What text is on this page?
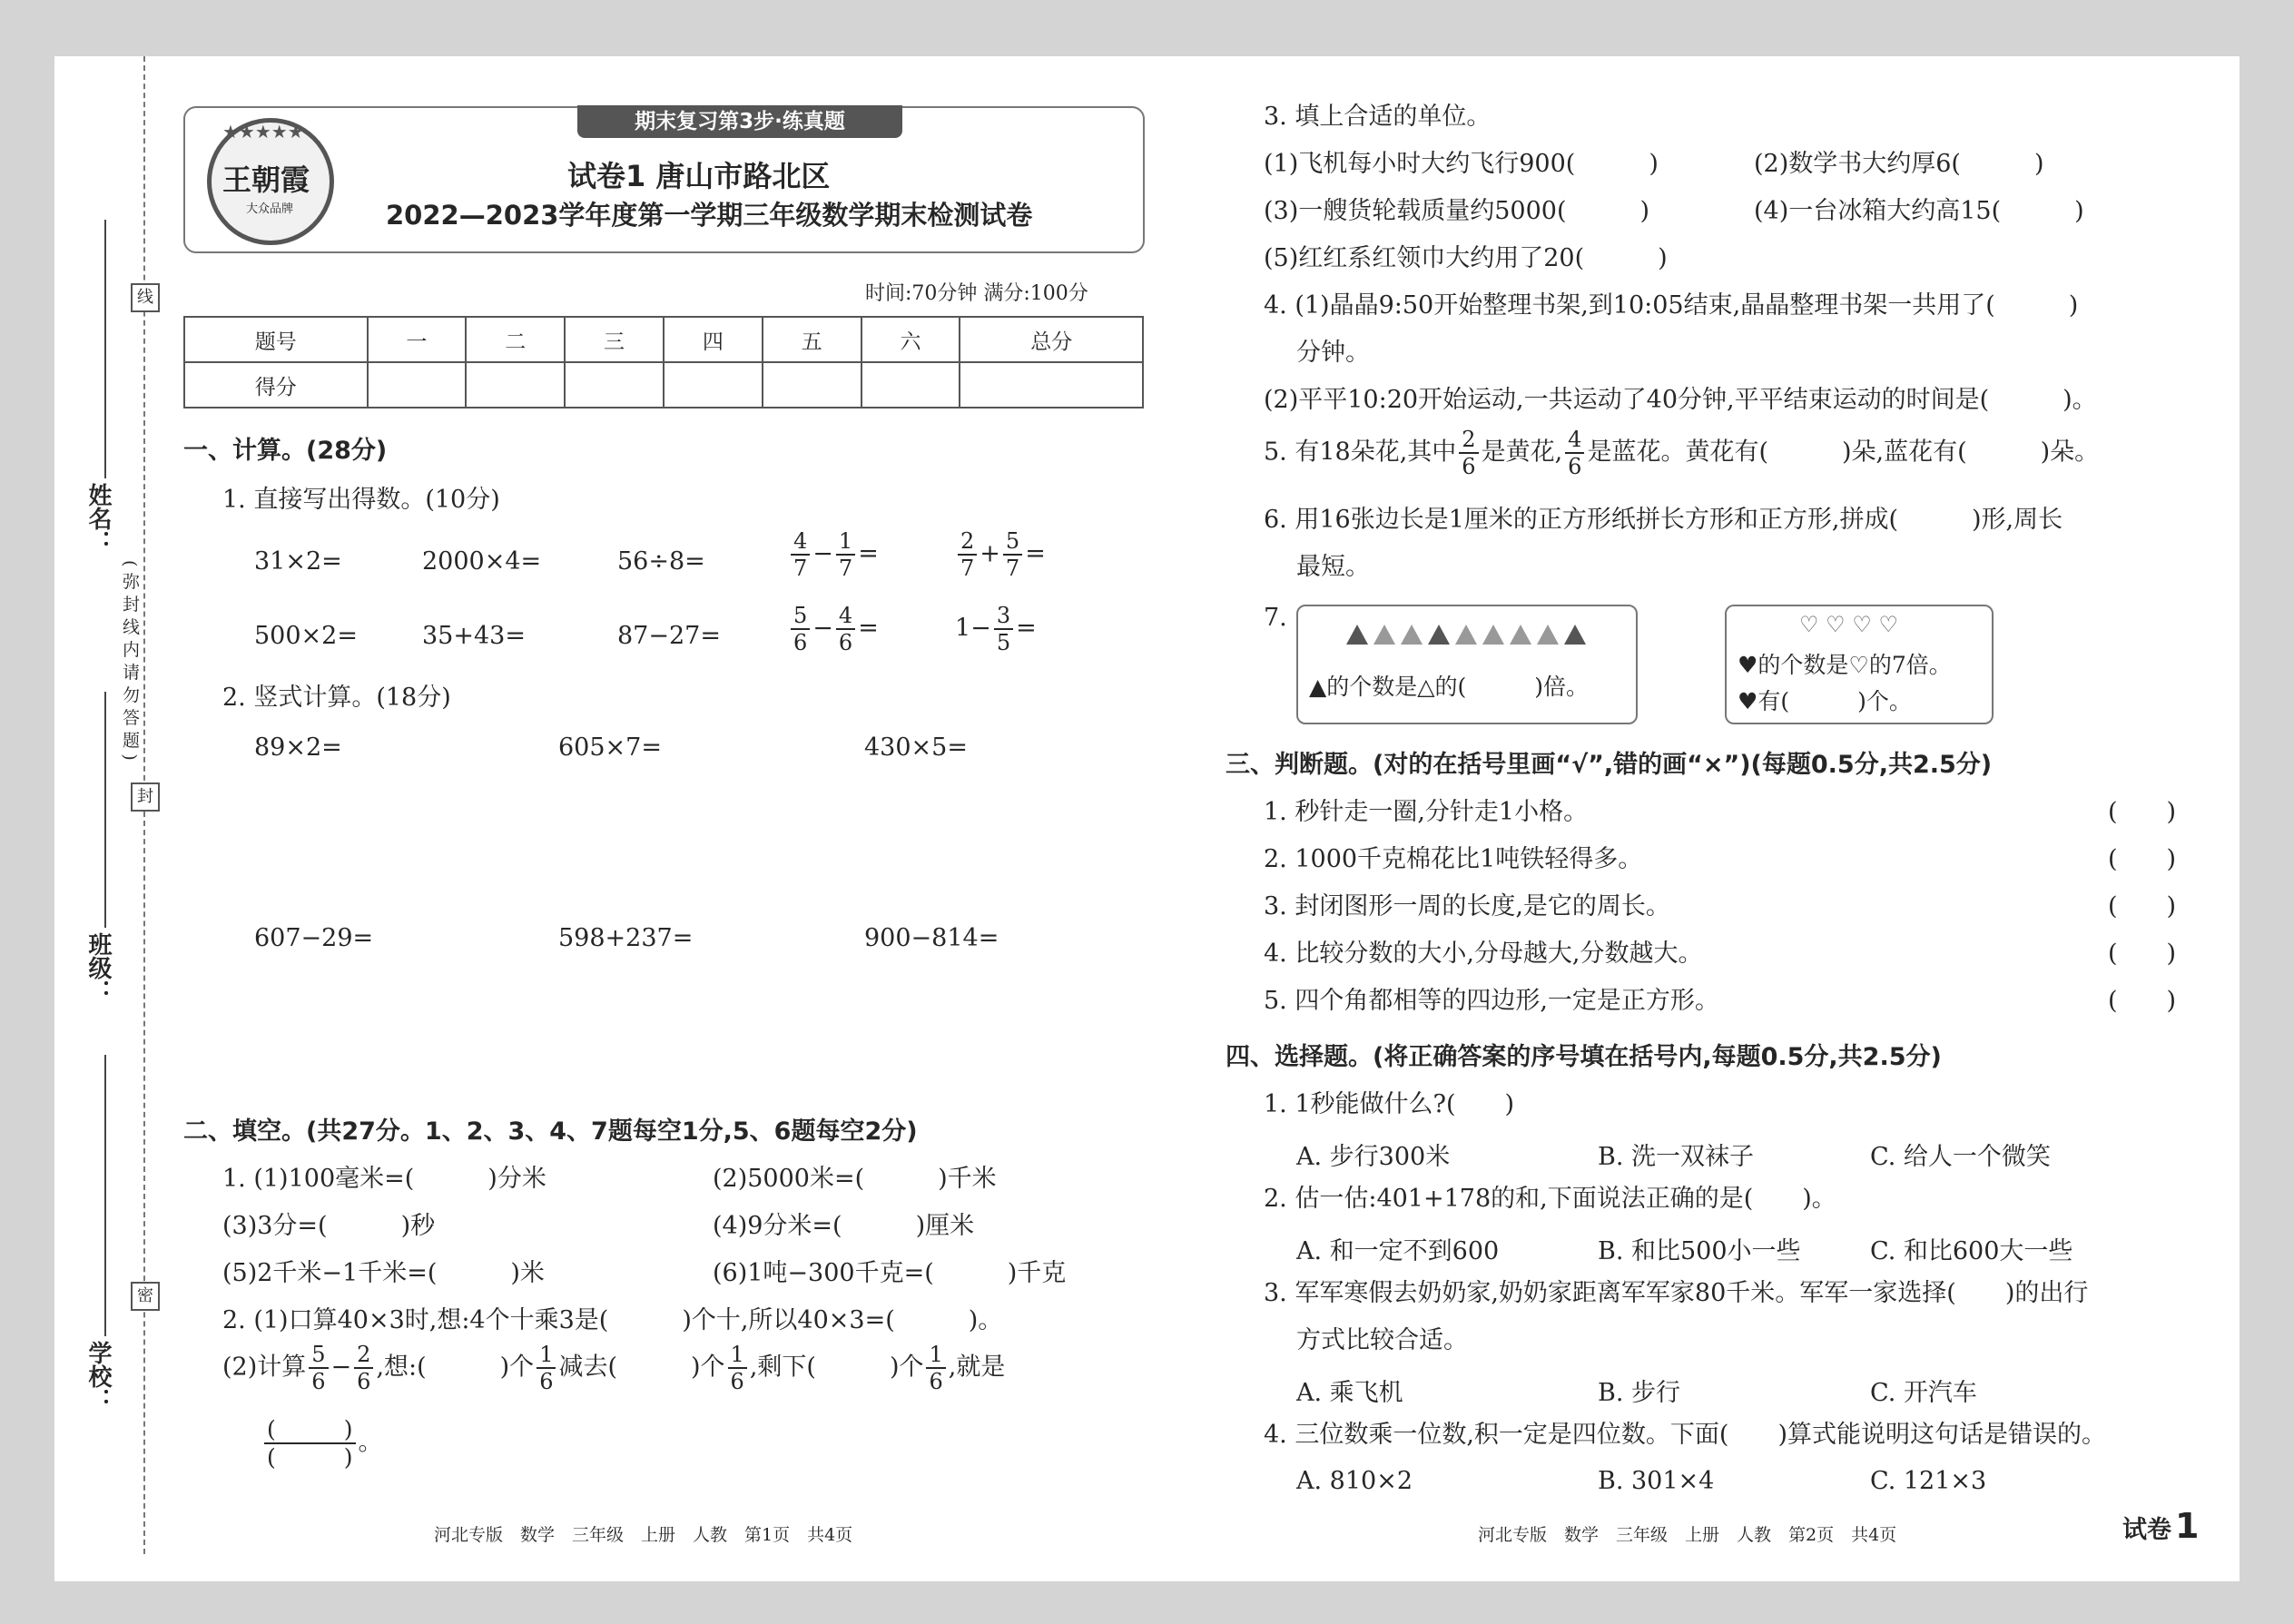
姓名：
班级：
学校：
线
(弥封线内请勿答题)
封
密
★★★★★
王朝霞
大众品牌
期末复习第3步·练真题
试卷1 唐山市路北区
2022—2023学年度第一学期三年级数学期末检测试卷
时间:70分钟 满分:100分
题号	一	二	三	四	五	六	总分
得分							
一、计算。(28分)
1. 直接写出得数。(10分)
31×2=	2000×4=	56÷8=	$\frac{4}{7} - \frac{1}{7}$ =	$\frac{2}{7} + \frac{5}{7}$ =
500×2=	35+43=	87−27=	$\frac{5}{6} - \frac{4}{6}$ =	$1- \frac{3}{5}$ =
2. 竖式计算。(18分)
89×2=	605×7=	430×5=
607−29=	598+237=	900−814=
二、填空。(共27分。1、2、3、4、7题每空1分,5、6题每空2分)
1. (1)100毫米=(　　　)分米	(2)5000米=(　　　)千米
(3)3分=(　　　)秒	(4)9分米=(　　　)厘米
(5)2千米−1千米=(　　　)米	(6)1吨−300千克=(　　　)千克
2. (1)口算40×3时,想:4个十乘3是(　　　)个十,所以40×3=(　　　)。
(2)计算 $\frac{5}{6} - \frac{2}{6}$ ,想:(　　　)个 $\frac{1}{6}$ 减去(　　　)个 $\frac{1}{6}$ ,剩下(　　　)个 $\frac{1}{6}$ ,就是
$\frac{( )}{( )}$ 。
河北专版　数学　三年级　上册　人教　第1页　共4页
3. 填上合适的单位。
(1)飞机每小时大约飞行900(　　　)	(2)数学书大约厚6(　　　)
(3)一艘货轮载质量约5000(　　　)	(4)一台冰箱大约高15(　　　)
(5)红红系红领巾大约用了20(　　　)
4. (1)晶晶9:50开始整理书架,到10:05结束,晶晶整理书架一共用了(　　　)
分钟。
(2)平平10:20开始运动,一共运动了40分钟,平平结束运动的时间是(　　　)。
5. 有18朵花,其中 $\frac{2}{6}$ 是黄花, $\frac{4}{6}$ 是蓝花。黄花有(　　　)朵,蓝花有(　　　)朵。
6. 用16张边长是1厘米的正方形纸拼长方形和正方形,拼成(　　　)形,周长
最短。
7.
▲的个数是△的(　　　)倍。
♡ ♡ ♡ ♡
♥的个数是♡的7倍。
♥有(　　　)个。
三、判断题。(对的在括号里画“√”,错的画“×”)(每题0.5分,共2.5分)
1. 秒针走一圈,分针走1小格。	(　　)
2. 1000千克棉花比1吨铁轻得多。	(　　)
3. 封闭图形一周的长度,是它的周长。	(　　)
4. 比较分数的大小,分母越大,分数越大。	(　　)
5. 四个角都相等的四边形,一定是正方形。	(　　)
四、选择题。(将正确答案的序号填在括号内,每题0.5分,共2.5分)
1. 1秒能做什么?(　　)
A. 步行300米	B. 洗一双袜子	C. 给人一个微笑
2. 估一估:401+178的和,下面说法正确的是(　　)。
A. 和一定不到600	B. 和比500小一些	C. 和比600大一些
3. 军军寒假去奶奶家,奶奶家距离军军家80千米。军军一家选择(　　)的出行
方式比较合适。
A. 乘飞机	B. 步行	C. 开汽车
4. 三位数乘一位数,积一定是四位数。下面(　　)算式能说明这句话是错误的。
A. 810×2	B. 301×4	C. 121×3
河北专版　数学　三年级　上册　人教　第2页　共4页	试卷 1
